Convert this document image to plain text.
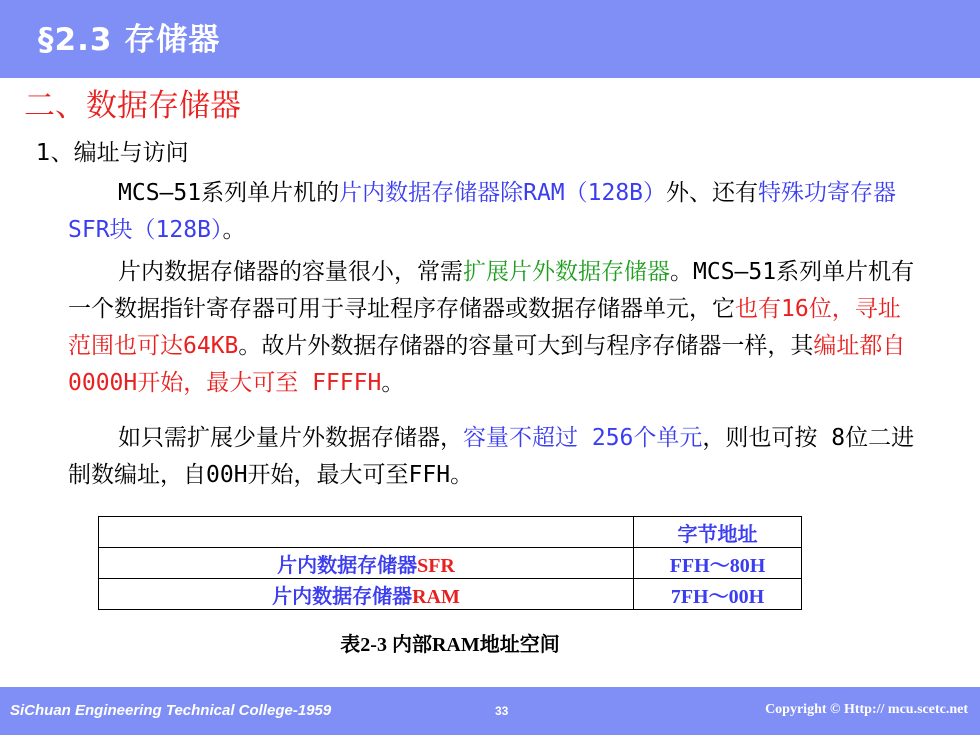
§2.3 存储器
二、数据存储器
1、编址与访问
MCS—51系列单片机的片内数据存储器除RAM（128B）外、还有特殊功寄存器SFR块（128B）。
片内数据存储器的容量很小，常需扩展片外数据存储器。MCS—51系列单片机有一个数据指针寄存器可用于寻址程序存储器或数据存储器单元，它也有16位，寻址范围也可达64KB。故片外数据存储器的容量可大到与程序存储器一样，其编址都自0000H开始，最大可至 FFFFH。
如只需扩展少量片外数据存储器，容量不超过 256个单元，则也可按 8位二进制数编址，自00H开始，最大可至FFH。
	字节地址
片内数据存储器SFR	FFH～80H
片内数据存储器RAM	7FH～00H
表2-3 内部RAM地址空间
SiChuan Engineering Technical College-1959	33	Copyright © Http:// mcu.scetc.net
